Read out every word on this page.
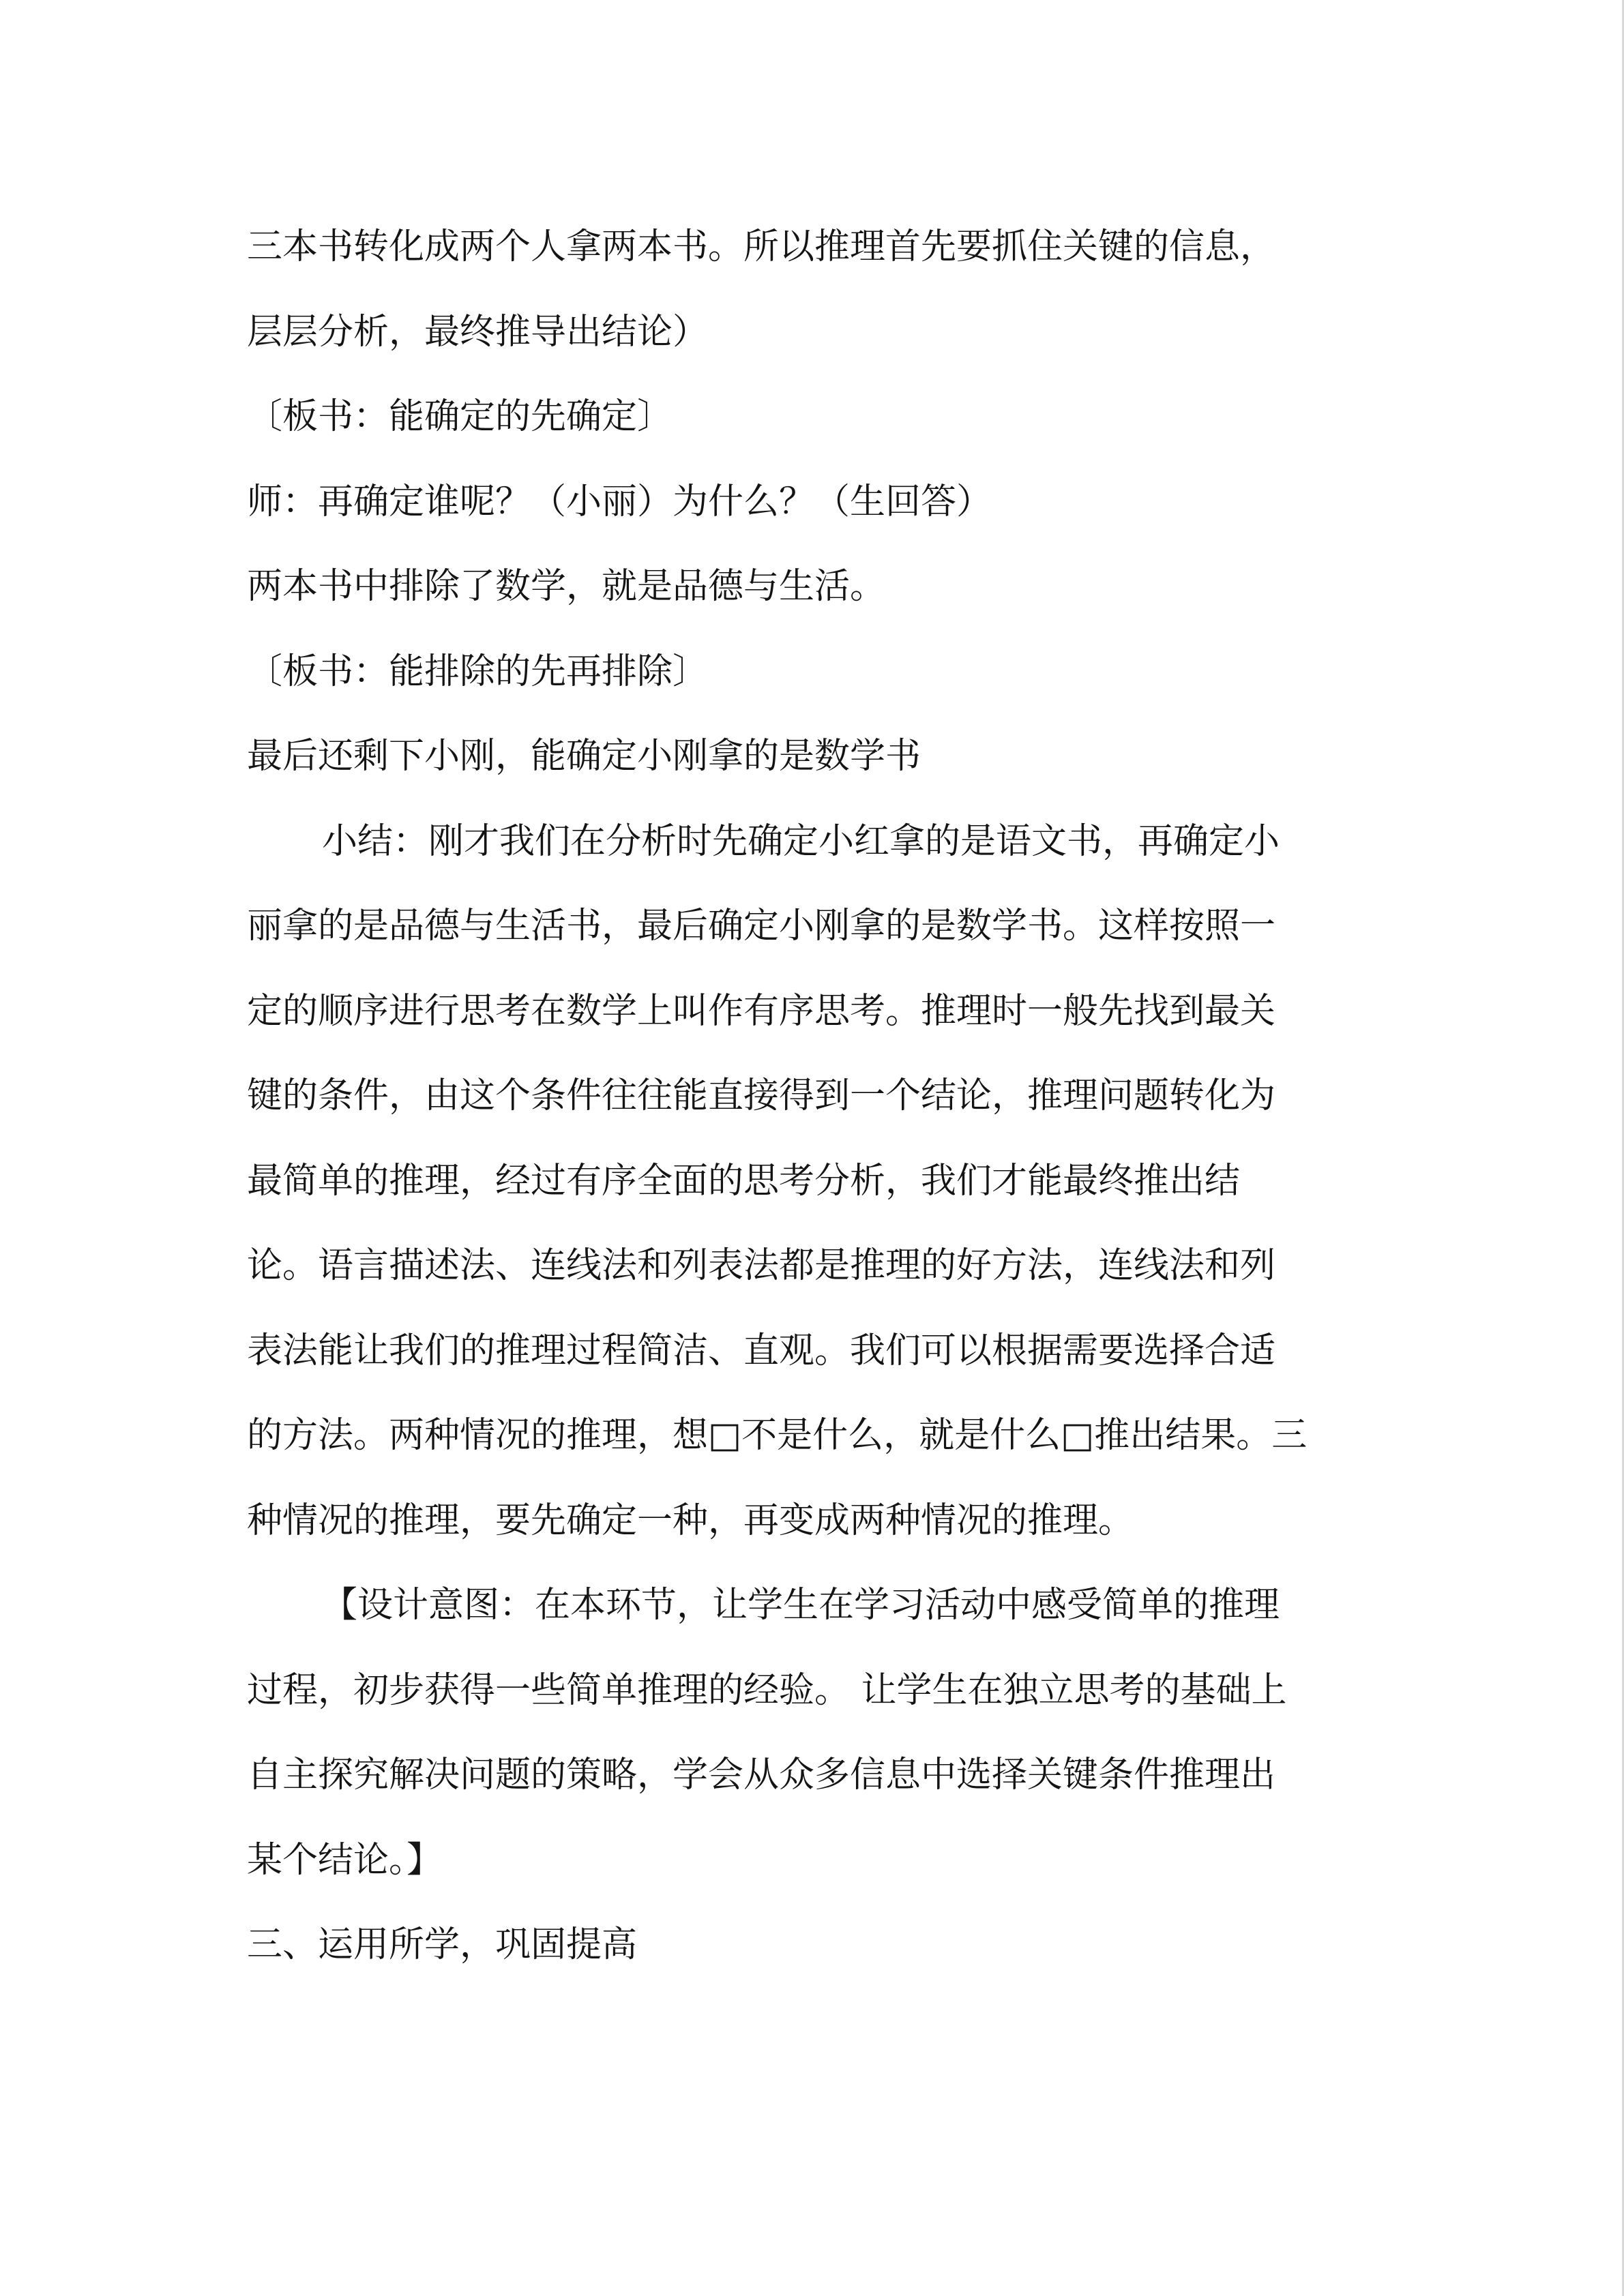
三本书转化成两个人拿两本书。所以推理首先要抓住关键的信息，
层层分析，最终推导出结论）
〔板书：能确定的先确定〕
师：再确定谁呢？（小丽）为什么？（生回答）
两本书中排除了数学，就是品德与生活。
〔板书：能排除的先再排除〕
最后还剩下小刚，能确定小刚拿的是数学书
小结：刚才我们在分析时先确定小红拿的是语文书，再确定小
丽拿的是品德与生活书，最后确定小刚拿的是数学书。这样按照一
定的顺序进行思考在数学上叫作有序思考。推理时一般先找到最关
键的条件，由这个条件往往能直接得到一个结论，推理问题转化为
最简单的推理，经过有序全面的思考分析，我们才能最终推出结
论。语言描述法、连线法和列表法都是推理的好方法，连线法和列
表法能让我们的推理过程简洁、直观。我们可以根据需要选择合适
的方法。两种情况的推理，想□不是什么，就是什么□推出结果。三
种情况的推理，要先确定一种，再变成两种情况的推理。
【设计意图：在本环节，让学生在学习活动中感受简单的推理
过程，初步获得一些简单推理的经验。 让学生在独立思考的基础上
自主探究解决问题的策略，学会从众多信息中选择关键条件推理出
某个结论。】
三、运用所学，巩固提高
